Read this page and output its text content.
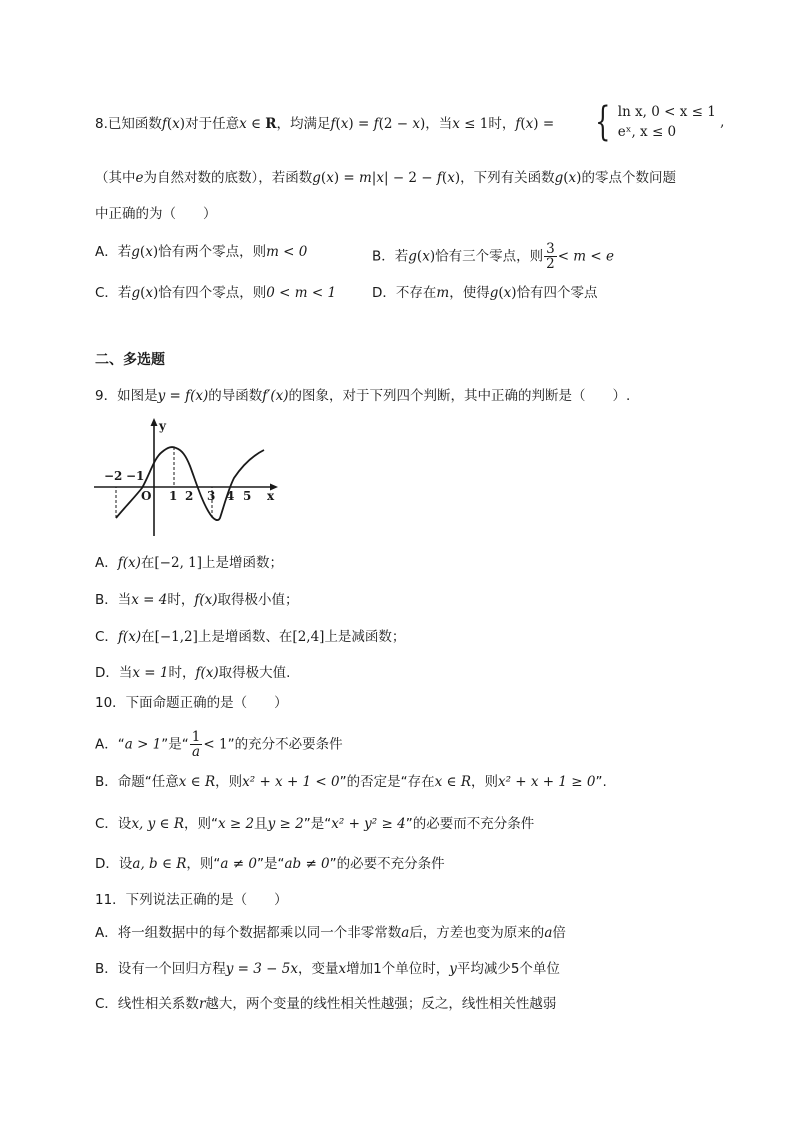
8.已知函数f(x)对于任意x ∈ R，均满足f(x) = f(2 − x)，当x ≤ 1时，f(x) = { ln x, 0 < x ≤ 1
eˣ, x ≤ 0
,
（其中e为自然对数的底数），若函数g(x) = m|x| − 2 − f(x)，下列有关函数g(x)的零点个数问题
中正确的为（　　）
A．若g(x)恰有两个零点，则m < 0	B．若g(x)恰有三个零点，则 $\frac{3}{2} < m < e$
C．若g(x)恰有四个零点，则0 < m < 1	D．不存在m，使得g(x)恰有四个零点
二、多选题
9．如图是y = f(x)的导函数f′(x)的图象，对于下列四个判断，其中正确的判断是（　　）.
y
x
O
−2 −1
1 2 3 4 5
A．f(x)在[−2, 1]上是增函数；
B．当x = 4时，f(x)取得极小值；
C．f(x)在[−1,2]上是增函数、在[2,4]上是减函数；
D．当x = 1时，f(x)取得极大值.
10．下面命题正确的是（　　）
A．“a > 1”是“ $\frac{1}{a} < 1$”的充分不必要条件
B．命题“任意x ∈ R，则x² + x + 1 < 0”的否定是“存在x ∈ R，则x² + x + 1 ≥ 0”.
C．设x, y ∈ R，则“x ≥ 2且y ≥ 2”是“x² + y² ≥ 4”的必要而不充分条件
D．设a, b ∈ R，则“a ≠ 0”是“ab ≠ 0”的必要不充分条件
11．下列说法正确的是（　　）
A．将一组数据中的每个数据都乘以同一个非零常数a后，方差也变为原来的a倍
B．设有一个回归方程y = 3 − 5x，变量x增加1个单位时，y平均减少5个单位
C．线性相关系数r越大，两个变量的线性相关性越强；反之，线性相关性越弱
